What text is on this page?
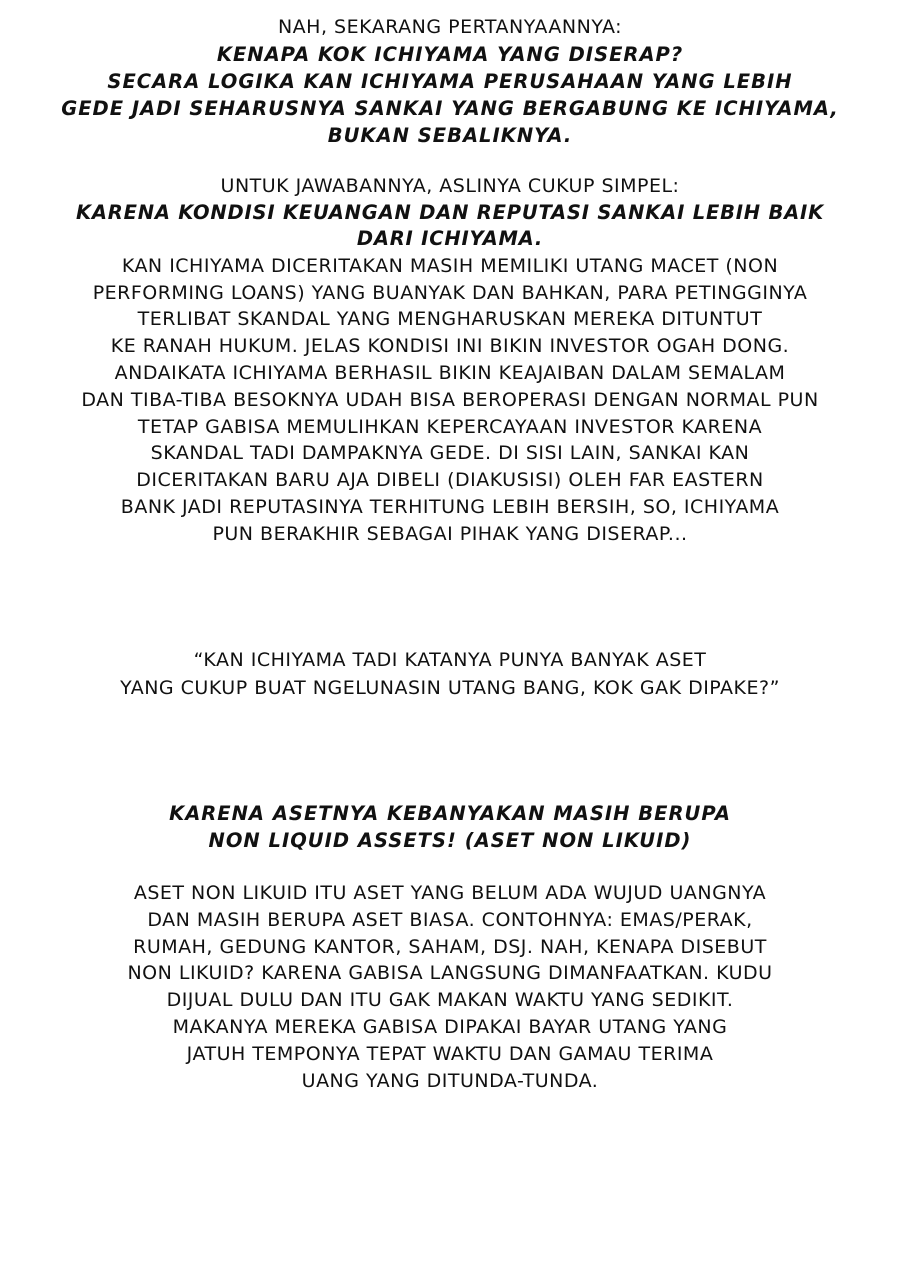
NAH, SEKARANG PERTANYAANNYA:
KENAPA KOK ICHIYAMA YANG DISERAP?
SECARA LOGIKA KAN ICHIYAMA PERUSAHAAN YANG LEBIH
GEDE JADI SEHARUSNYA SANKAI YANG BERGABUNG KE ICHIYAMA,
BUKAN SEBALIKNYA.
UNTUK JAWABANNYA, ASLINYA CUKUP SIMPEL:
KARENA KONDISI KEUANGAN DAN REPUTASI SANKAI LEBIH BAIK
DARI ICHIYAMA.
KAN ICHIYAMA DICERITAKAN MASIH MEMILIKI UTANG MACET (NON
PERFORMING LOANS) YANG BUANYAK DAN BAHKAN, PARA PETINGGINYA
TERLIBAT SKANDAL YANG MENGHARUSKAN MEREKA DITUNTUT
KE RANAH HUKUM. JELAS KONDISI INI BIKIN INVESTOR OGAH DONG.
ANDAIKATA ICHIYAMA BERHASIL BIKIN KEAJAIBAN DALAM SEMALAM
DAN TIBA-TIBA BESOKNYA UDAH BISA BEROPERASI DENGAN NORMAL PUN
TETAP GABISA MEMULIHKAN KEPERCAYAAN INVESTOR KARENA
SKANDAL TADI DAMPAKNYA GEDE. DI SISI LAIN, SANKAI KAN
DICERITAKAN BARU AJA DIBELI (DIAKUSISI) OLEH FAR EASTERN
BANK JADI REPUTASINYA TERHITUNG LEBIH BERSIH, SO, ICHIYAMA
PUN BERAKHIR SEBAGAI PIHAK YANG DISERAP...
“KAN ICHIYAMA TADI KATANYA PUNYA BANYAK ASET
YANG CUKUP BUAT NGELUNASIN UTANG BANG, KOK GAK DIPAKE?”
KARENA ASETNYA KEBANYAKAN MASIH BERUPA
NON LIQUID ASSETS! (ASET NON LIKUID)
ASET NON LIKUID ITU ASET YANG BELUM ADA WUJUD UANGNYA
DAN MASIH BERUPA ASET BIASA. CONTOHNYA: EMAS/PERAK,
RUMAH, GEDUNG KANTOR, SAHAM, DSJ. NAH, KENAPA DISEBUT
NON LIKUID? KARENA GABISA LANGSUNG DIMANFAATKAN. KUDU
DIJUAL DULU DAN ITU GAK MAKAN WAKTU YANG SEDIKIT.
MAKANYA MEREKA GABISA DIPAKAI BAYAR UTANG YANG
JATUH TEMPONYA TEPAT WAKTU DAN GAMAU TERIMA
UANG YANG DITUNDA-TUNDA.
